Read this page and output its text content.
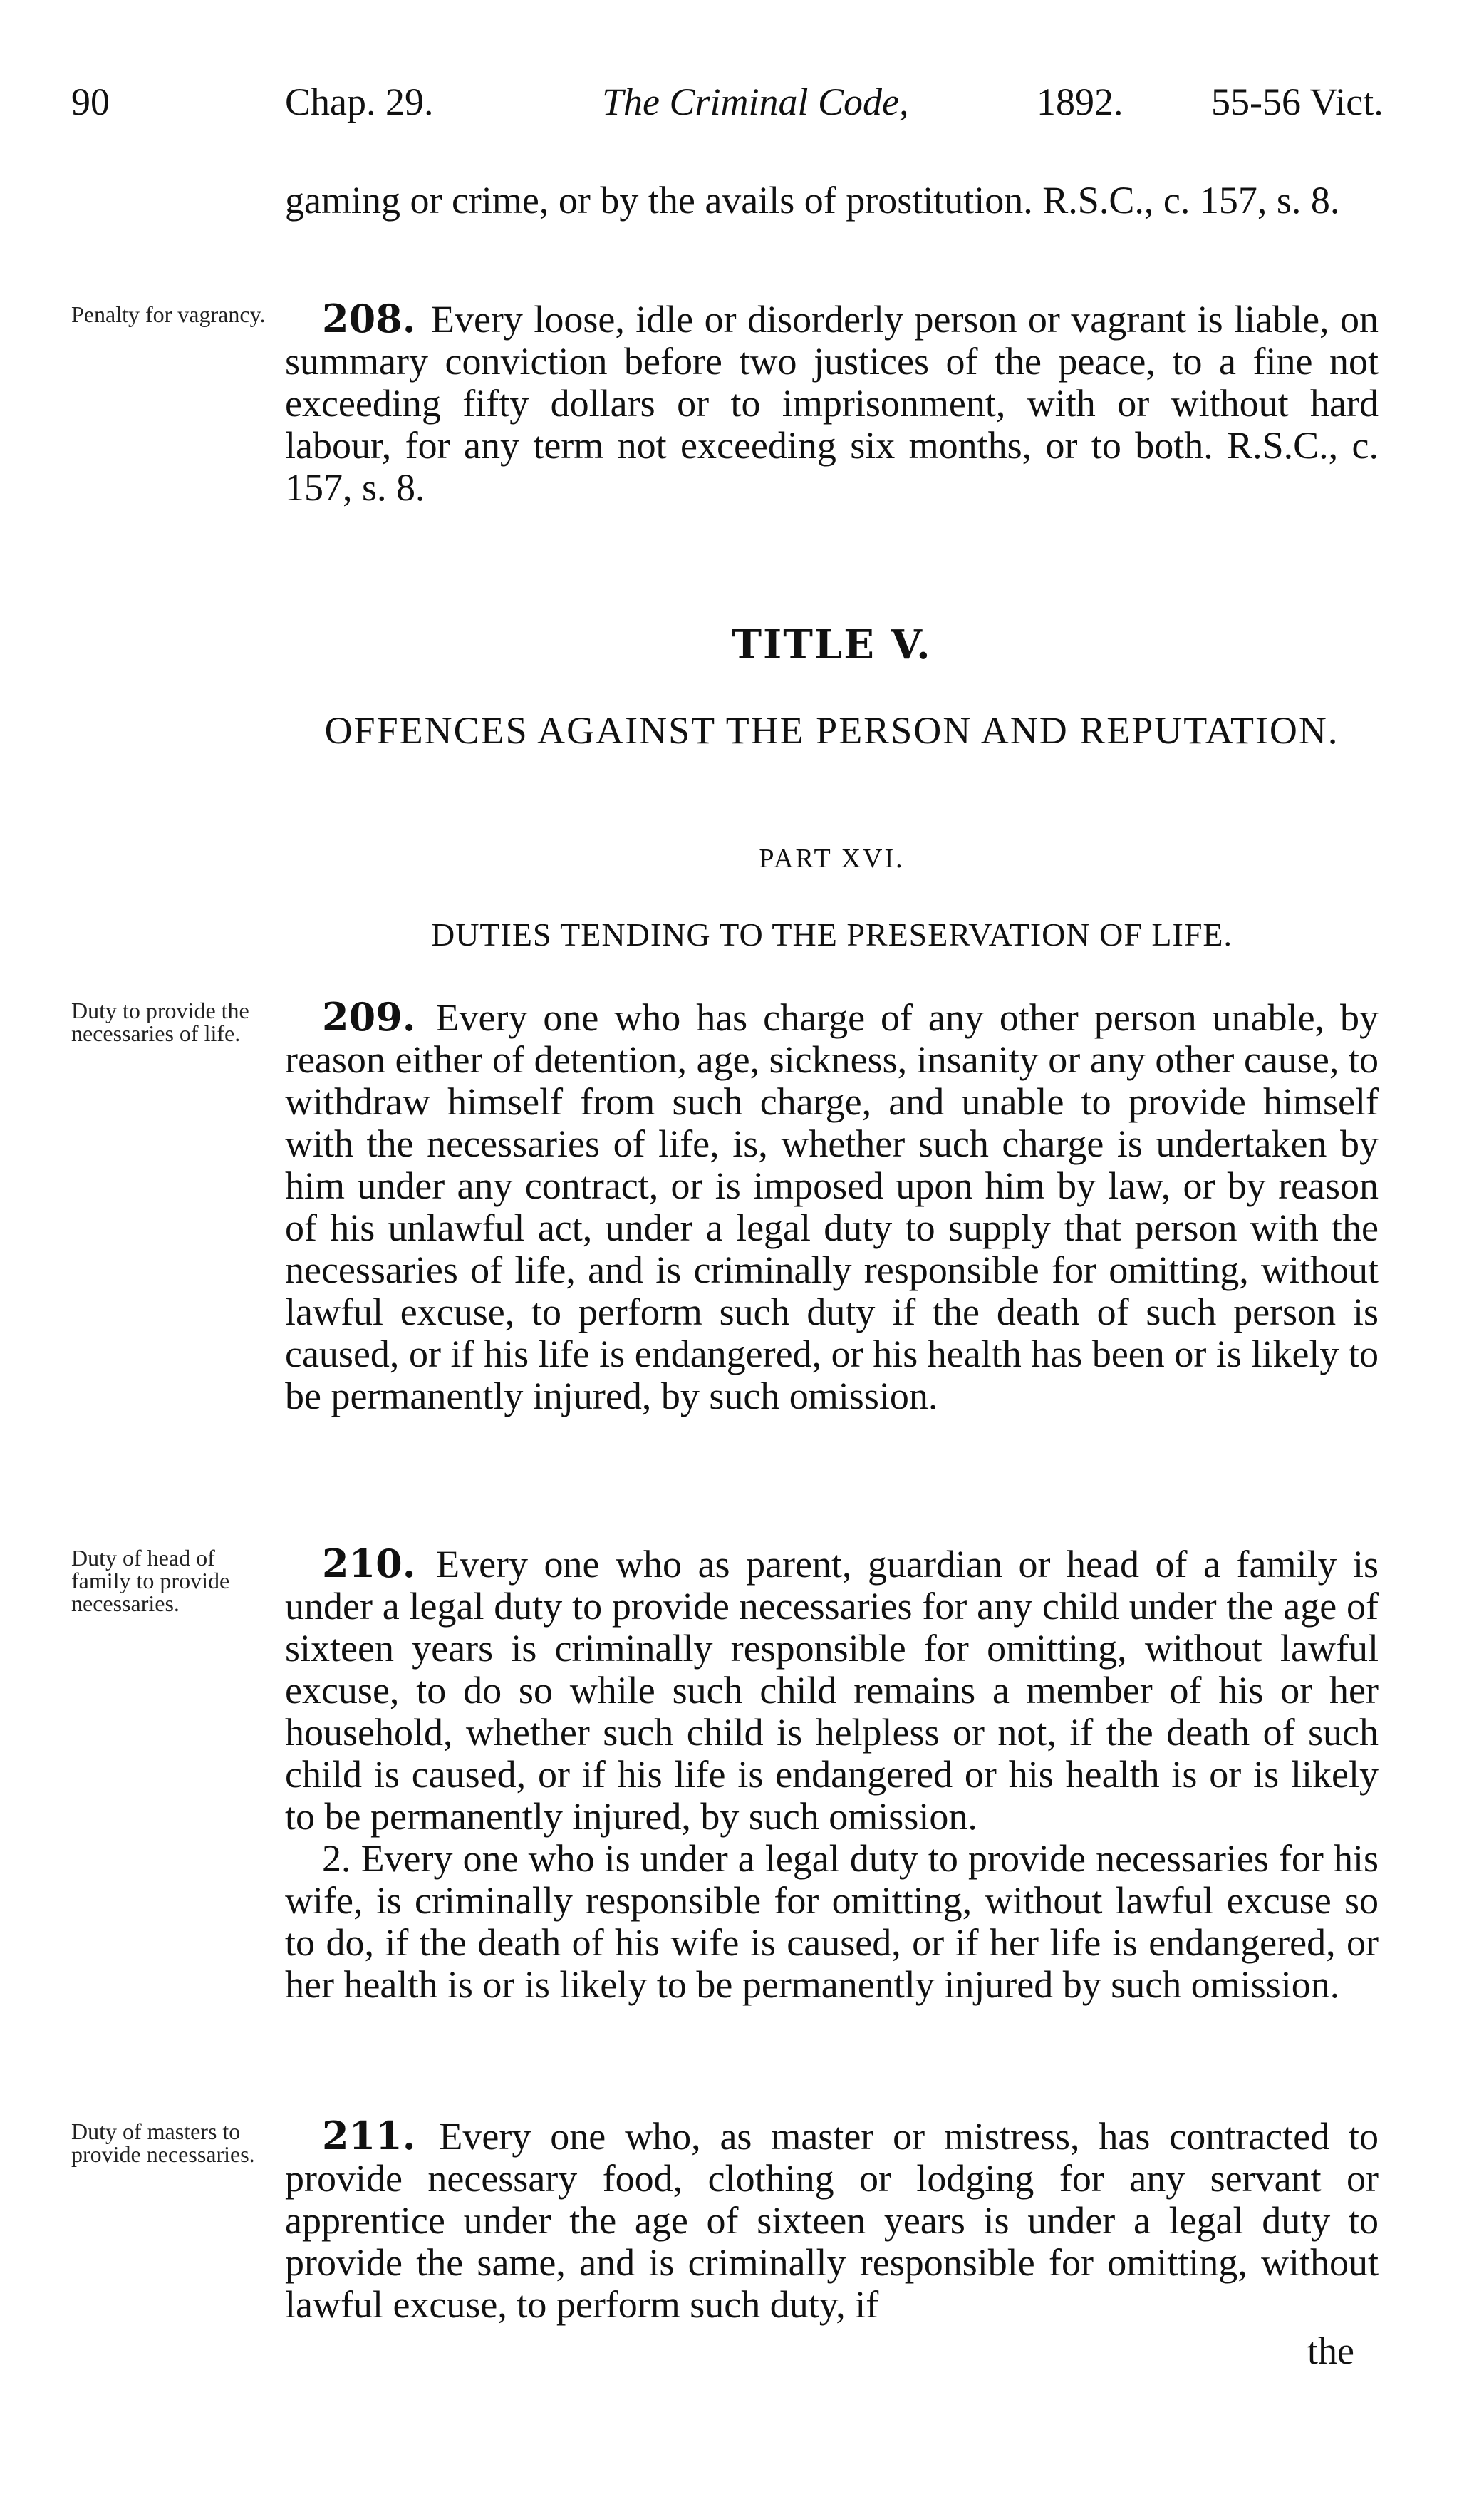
90	Chap. 29.	The Criminal Code,	1892. 55-56 Vict.

gaming or crime, or by the avails of prostitution. R.S.C., c. 157, s. 8.

Penalty for vagrancy.	208. Every loose, idle or disorderly person or vagrant is liable, on summary conviction before two justices of the peace, to a fine not exceeding fifty dollars or to imprisonment, with or without hard labour, for any term not exceeding six months, or to both. R.S.C., c. 157, s. 8.

TITLE V.
OFFENCES AGAINST THE PERSON AND REPUTATION.
PART XVI.
DUTIES TENDING TO THE PRESERVATION OF LIFE.
Duty to provide the necessaries of life.	209. Every one who has charge of any other person unable, by reason either of detention, age, sickness, insanity or any other cause, to withdraw himself from such charge, and unable to provide himself with the necessaries of life, is, whether such charge is undertaken by him under any contract, or is imposed upon him by law, or by reason of his unlawful act, under a legal duty to supply that person with the necessaries of life, and is criminally responsible for omitting, without lawful excuse, to perform such duty if the death of such person is caused, or if his life is endangered, or his health has been or is likely to be permanently injured, by such omission.

Duty of head of family to provide necessaries.

210. Every one who as parent, guardian or head of a family is under a legal duty to provide necessaries for any child under the age of sixteen years is criminally responsible for omitting, without lawful excuse, to do so while such child remains a member of his or her household, whether such child is helpless or not, if the death of such child is caused, or if his life is endangered or his health is or is likely to be permanently injured, by such omission.

2. Every one who is under a legal duty to provide necessaries for his wife, is criminally responsible for omitting, without lawful excuse so to do, if the death of his wife is caused, or if her life is endangered, or her health is or is likely to be permanently injured by such omission.

Duty of masters to provide necessaries.	211. Every one who, as master or mistress, has contracted to provide necessary food, clothing or lodging for any servant or apprentice under the age of sixteen years is under a legal duty to provide the same, and is criminally responsible for omitting, without lawful excuse, to perform such duty, if

the
